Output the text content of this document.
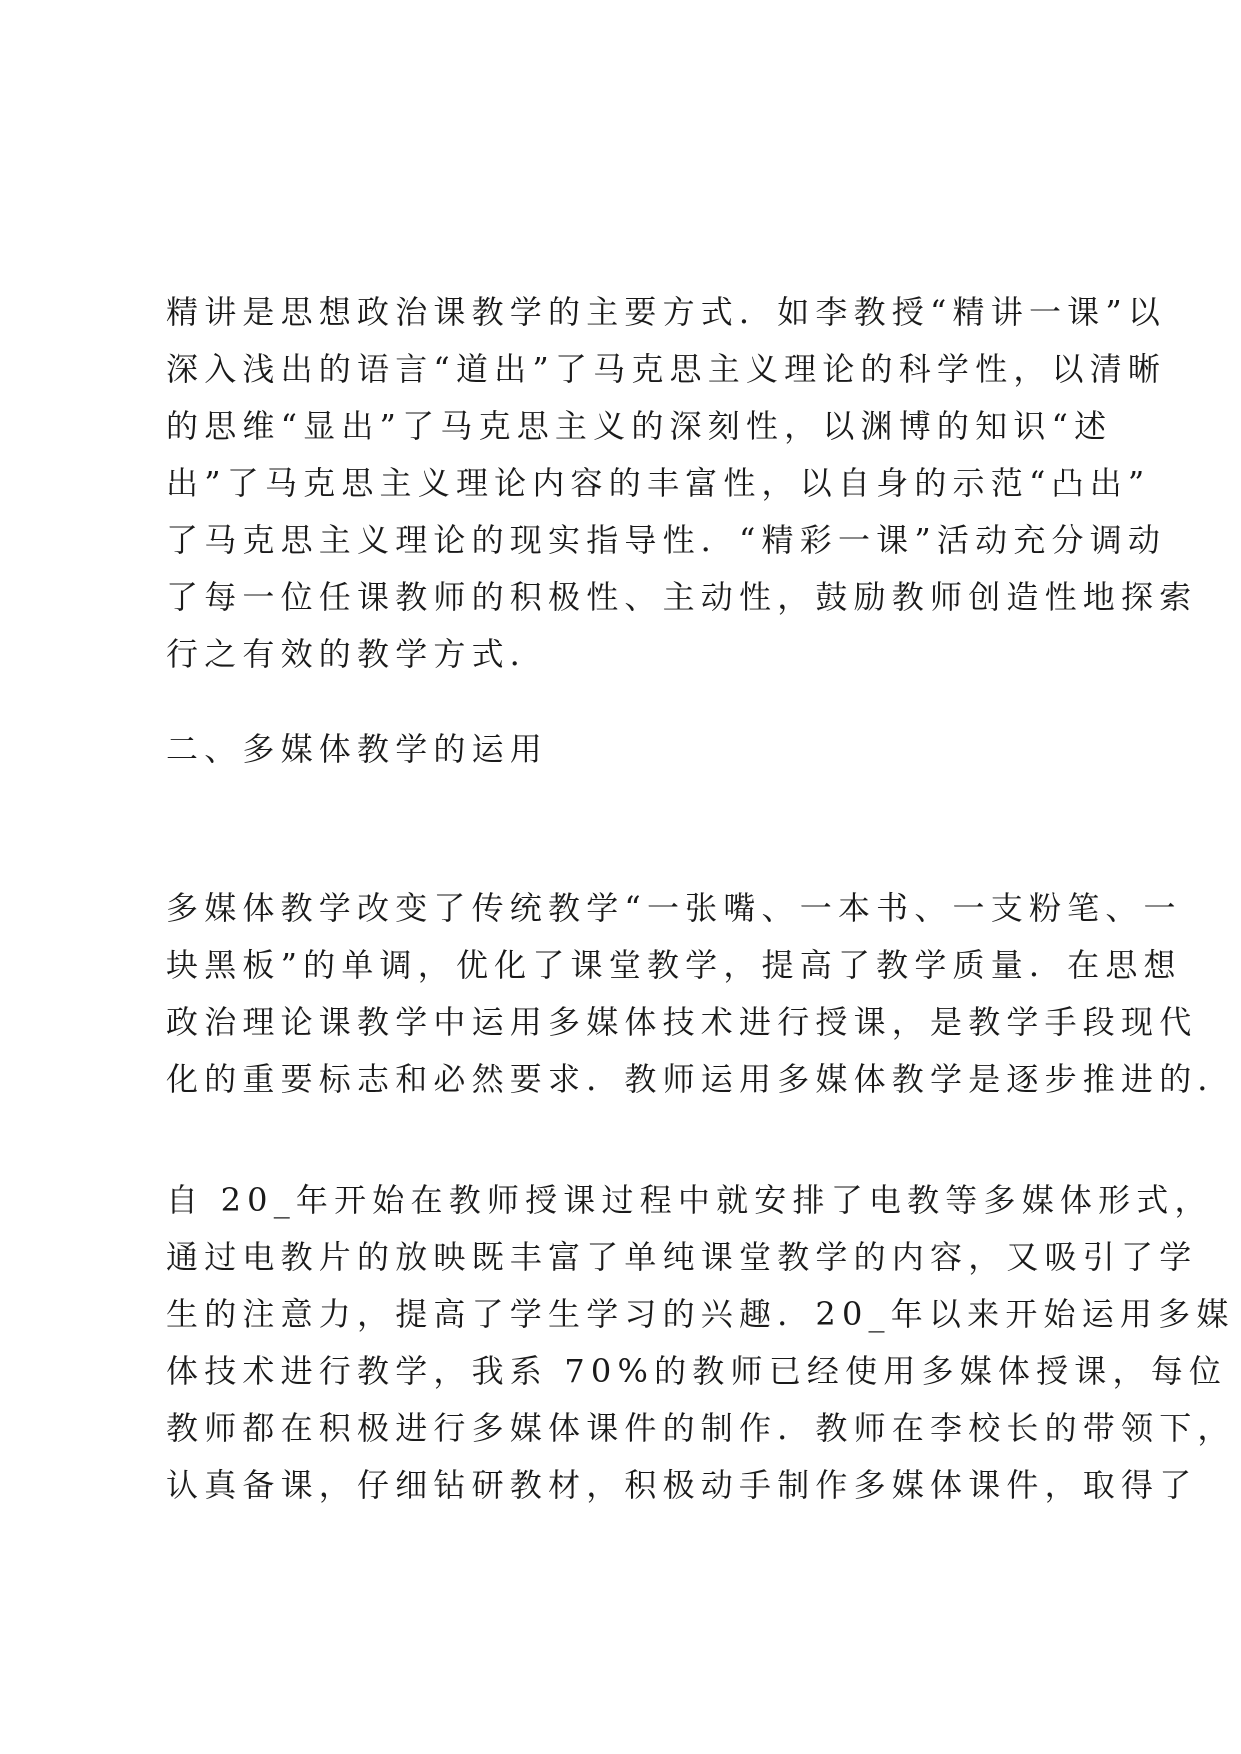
精讲是思想政治课教学的主要方式．如李教授“精讲一课”以
深入浅出的语言“道出”了马克思主义理论的科学性，以清晰
的思维“显出”了马克思主义的深刻性，以渊博的知识“述
出”了马克思主义理论内容的丰富性，以自身的示范“凸出”
了马克思主义理论的现实指导性．“精彩一课”活动充分调动
了每一位任课教师的积极性、主动性，鼓励教师创造性地探索
行之有效的教学方式．
二、多媒体教学的运用
多媒体教学改变了传统教学“一张嘴、一本书、一支粉笔、一
块黑板”的单调，优化了课堂教学，提高了教学质量．在思想
政治理论课教学中运用多媒体技术进行授课，是教学手段现代
化的重要标志和必然要求．教师运用多媒体教学是逐步推进的．
自 20_年开始在教师授课过程中就安排了电教等多媒体形式，
通过电教片的放映既丰富了单纯课堂教学的内容，又吸引了学
生的注意力，提高了学生学习的兴趣．20_年以来开始运用多媒
体技术进行教学，我系 70%的教师已经使用多媒体授课，每位
教师都在积极进行多媒体课件的制作．教师在李校长的带领下，
认真备课，仔细钻研教材，积极动手制作多媒体课件，取得了
